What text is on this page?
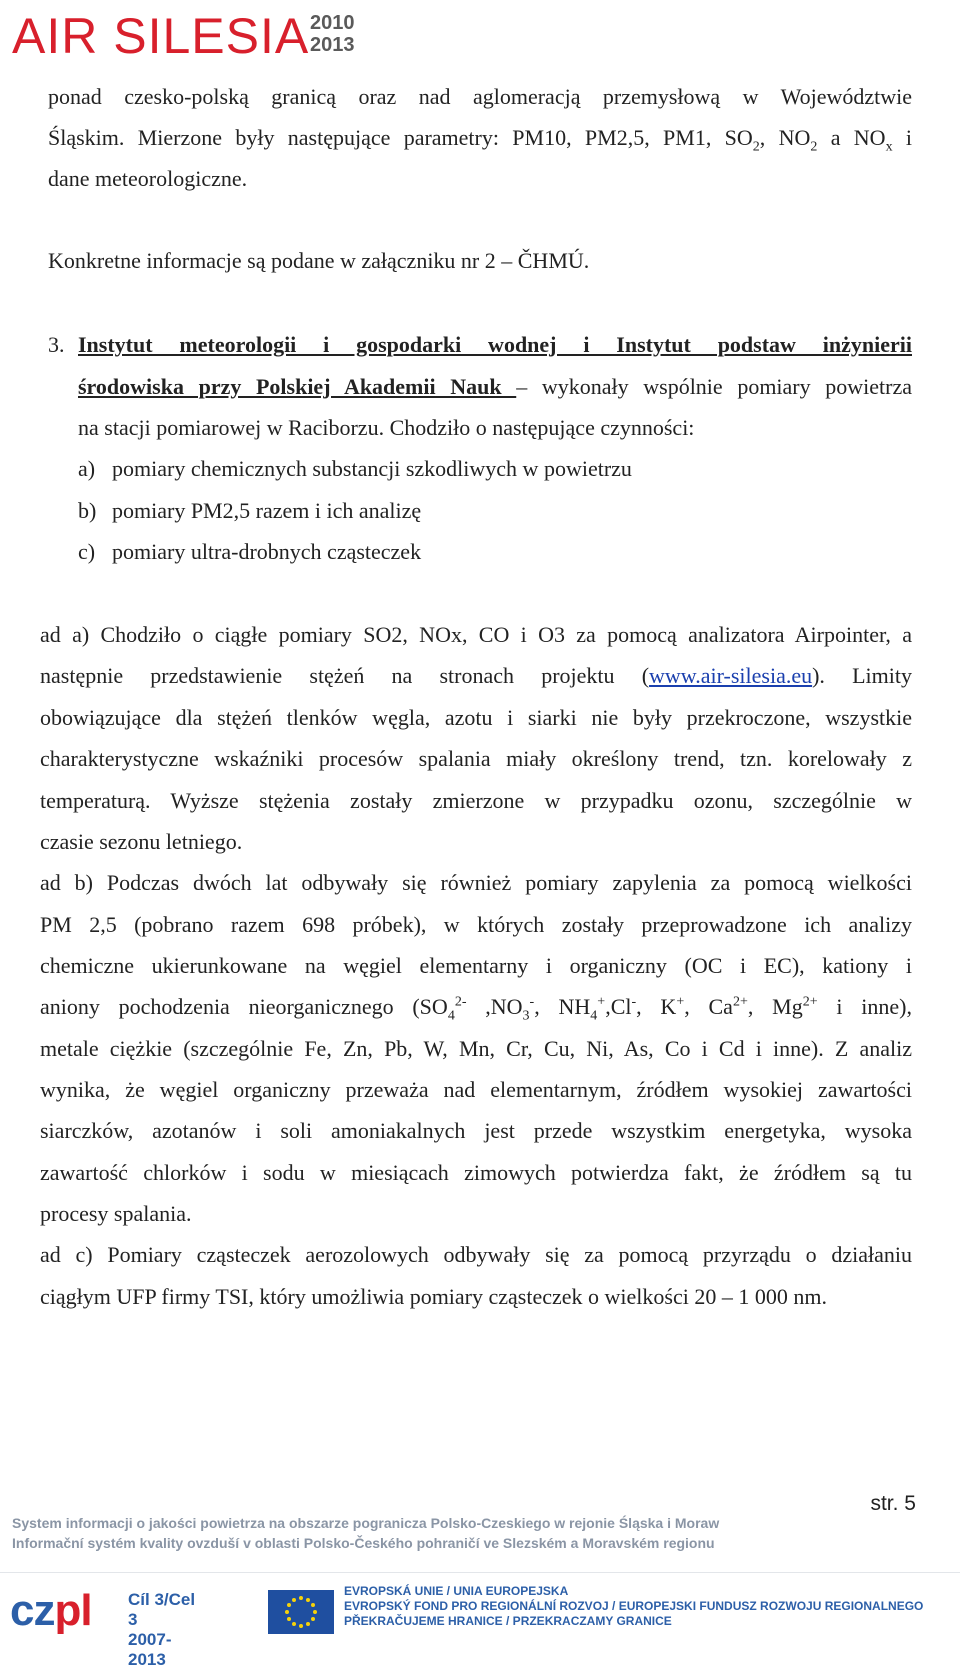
AIR SILESIA 2010
2013
ponad czesko-polską granicą oraz nad aglomeracją przemysłową w Województwie
Śląskim. Mierzone były następujące parametry: PM10, PM2,5, PM1, $SO_2$, $NO_2$ a $NO_x$ i
dane meteorologiczne.
Konkretne informacje są podane w załączniku nr 2 – ČHMÚ.
3. Instytut meteorologii i gospodarki wodnej i Instytut podstaw inżynierii
środowiska przy Polskiej Akademii Nauk – wykonały wspólnie pomiary powietrza
na stacji pomiarowej w Raciborzu. Chodziło o następujące czynności:
a) pomiary chemicznych substancji szkodliwych w powietrzu
b) pomiary PM2,5 razem i ich analizę
c) pomiary ultra-drobnych cząsteczek
ad a) Chodziło o ciągłe pomiary SO2, NOx, CO i O3 za pomocą analizatora Airpointer, a
następnie przedstawienie stężeń na stronach projektu (www.air-silesia.eu). Limity
obowiązujące dla stężeń tlenków węgla, azotu i siarki nie były przekroczone, wszystkie
charakterystyczne wskaźniki procesów spalania miały określony trend, tzn. korelowały z
temperaturą. Wyższe stężenia zostały zmierzone w przypadku ozonu, szczególnie w
czasie sezonu letniego.
ad b) Podczas dwóch lat odbywały się również pomiary zapylenia za pomocą wielkości
PM 2,5 (pobrano razem 698 próbek), w których zostały przeprowadzone ich analizy
chemiczne ukierunkowane na węgiel elementarny i organiczny (OC i EC), kationy i
aniony pochodzenia nieorganicznego ($SO_4^{2-}$ $,NO_3^-$, $NH_4^+,Cl^-$, K+, $Ca^{2+}$, $Mg^{2+}$ i inne),
metale ciężkie (szczególnie Fe, Zn, Pb, W, Mn, Cr, Cu, Ni, As, Co i Cd i inne). Z analiz
wynika, że węgiel organiczny przeważa nad elementarnym, źródłem wysokiej zawartości
siarczków, azotanów i soli amoniakalnych jest przede wszystkim energetyka, wysoka
zawartość chlorków i sodu w miesiącach zimowych potwierdza fakt, że źródłem są tu
procesy spalania.
ad c) Pomiary cząsteczek aerozolowych odbywały się za pomocą przyrządu o działaniu
ciągłym UFP firmy TSI, który umożliwia pomiary cząsteczek o wielkości 20 – 1 000 nm.
str. 5
System informacji o jakości powietrza na obszarze pogranicza Polsko-Czeskiego w rejonie Śląska i Moraw
Informační systém kvality ovzduší v oblasti Polsko-Českého pohraničí ve Slezském a Moravském regionu
czpl	Cíl 3/Cel 3
2007-2013
EVROPSKÁ UNIE / UNIA EUROPEJSKA
EVROPSKÝ FOND PRO REGIONÁLNÍ ROZVOJ / EUROPEJSKI FUNDUSZ ROZWOJU REGIONALNEGO
PŘEKRAČUJEME HRANICE / PRZEKRACZAMY GRANICE
